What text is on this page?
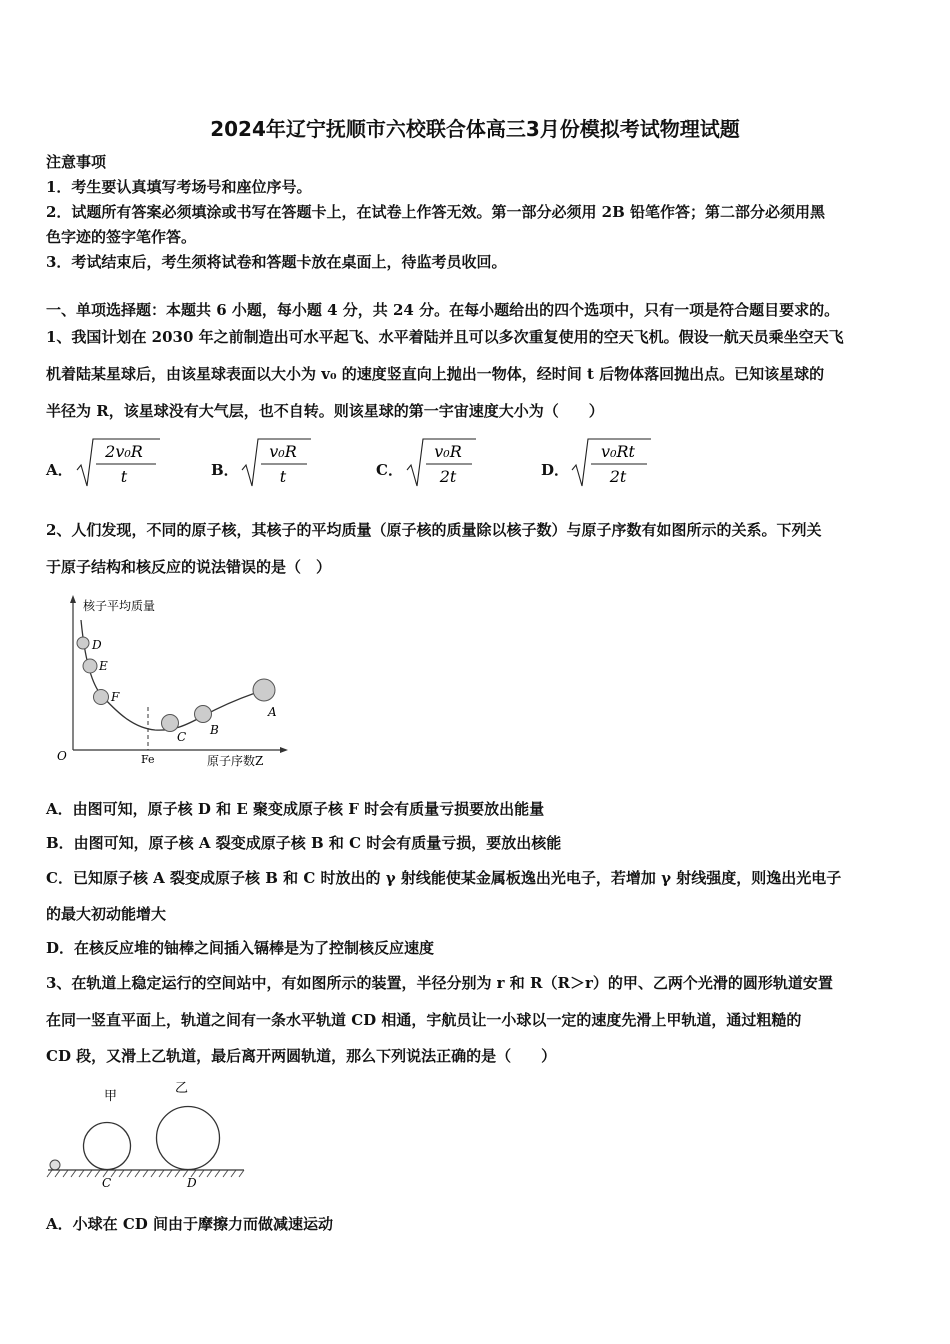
2024年辽宁抚顺市六校联合体高三3月份模拟考试物理试题
注意事项
1．考生要认真填写考场号和座位序号。
2．试题所有答案必须填涂或书写在答题卡上，在试卷上作答无效。第一部分必须用 2B 铅笔作答；第二部分必须用黑
色字迹的签字笔作答。
3．考试结束后，考生须将试卷和答题卡放在桌面上，待监考员收回。
一、单项选择题：本题共 6 小题，每小题 4 分，共 24 分。在每小题给出的四个选项中，只有一项是符合题目要求的。
1、我国计划在 2030 年之前制造出可水平起飞、水平着陆并且可以多次重复使用的空天飞机。假设一航天员乘坐空天飞
机着陆某星球后，由该星球表面以大小为 v₀ 的速度竖直向上抛出一物体，经时间 t 后物体落回抛出点。已知该星球的
半径为 R，该星球没有大气层，也不自转。则该星球的第一宇宙速度大小为（　　）
A．
2v₀R
t	B．
v₀R
t	C．
v₀R
2t	D．
v₀Rt
2t
2、人们发现，不同的原子核，其核子的平均质量（原子核的质量除以核子数）与原子序数有如图所示的关系。下列关
于原子结构和核反应的说法错误的是（　）
核子平均质量
O	Fe	原子序数Z
D
E
F
C B
A
A．由图可知，原子核 D 和 E 聚变成原子核 F 时会有质量亏损要放出能量
B．由图可知，原子核 A 裂变成原子核 B 和 C 时会有质量亏损，要放出核能
C．已知原子核 A 裂变成原子核 B 和 C 时放出的 γ 射线能使某金属板逸出光电子，若增加 γ 射线强度，则逸出光电子
的最大初动能增大
D．在核反应堆的铀棒之间插入镉棒是为了控制核反应速度
3、在轨道上稳定运行的空间站中，有如图所示的装置，半径分别为 r 和 R（R＞r）的甲、乙两个光滑的圆形轨道安置
在同一竖直平面上，轨道之间有一条水平轨道 CD 相通，宇航员让一小球以一定的速度先滑上甲轨道，通过粗糙的
CD 段，又滑上乙轨道，最后离开两圆轨道，那么下列说法正确的是（　　）
甲
乙
C	D
A．小球在 CD 间由于摩擦力而做减速运动
